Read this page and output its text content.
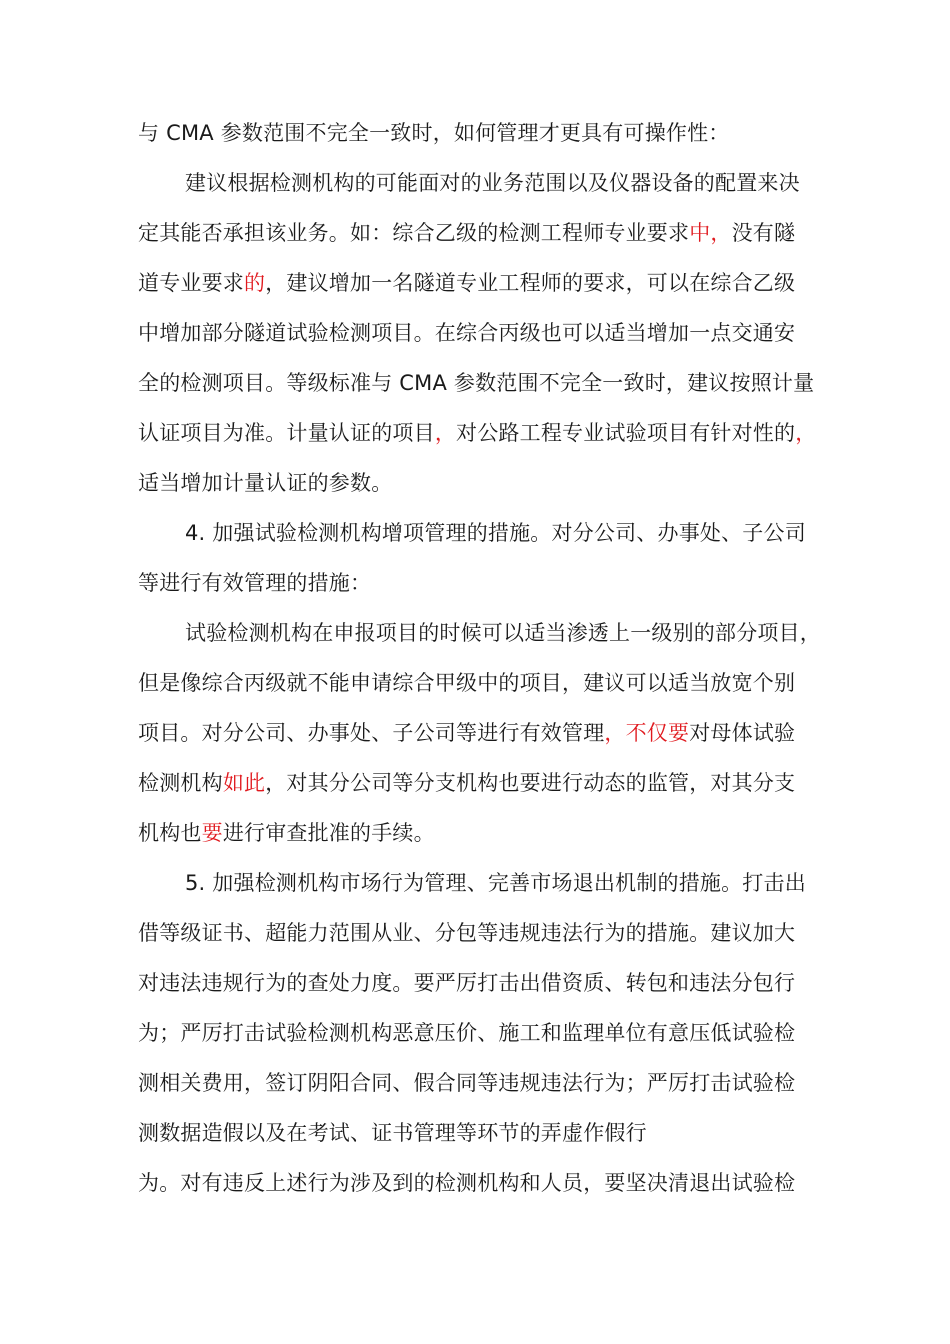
与 CMA 参数范围不完全一致时，如何管理才更具有可操作性：
建议根据检测机构的可能面对的业务范围以及仪器设备的配置来决
定其能否承担该业务。如：综合乙级的检测工程师专业要求中，没有隧
道专业要求的，建议增加一名隧道专业工程师的要求，可以在综合乙级
中增加部分隧道试验检测项目。在综合丙级也可以适当增加一点交通安
全的检测项目。等级标准与 CMA 参数范围不完全一致时，建议按照计量
认证项目为准。计量认证的项目，对公路工程专业试验项目有针对性的，
适当增加计量认证的参数。
4. 加强试验检测机构增项管理的措施。对分公司、办事处、子公司
等进行有效管理的措施：
试验检测机构在申报项目的时候可以适当渗透上一级别的部分项目，
但是像综合丙级就不能申请综合甲级中的项目，建议可以适当放宽个别
项目。对分公司、办事处、子公司等进行有效管理，不仅要对母体试验
检测机构如此，对其分公司等分支机构也要进行动态的监管，对其分支
机构也要进行审查批准的手续。
5. 加强检测机构市场行为管理、完善市场退出机制的措施。打击出
借等级证书、超能力范围从业、分包等违规违法行为的措施。建议加大
对违法违规行为的查处力度。要严厉打击出借资质、转包和违法分包行
为；严厉打击试验检测机构恶意压价、施工和监理单位有意压低试验检
测相关费用，签订阴阳合同、假合同等违规违法行为；严厉打击试验检
测数据造假以及在考试、证书管理等环节的弄虚作假行
为。对有违反上述行为涉及到的检测机构和人员，要坚决清退出试验检
